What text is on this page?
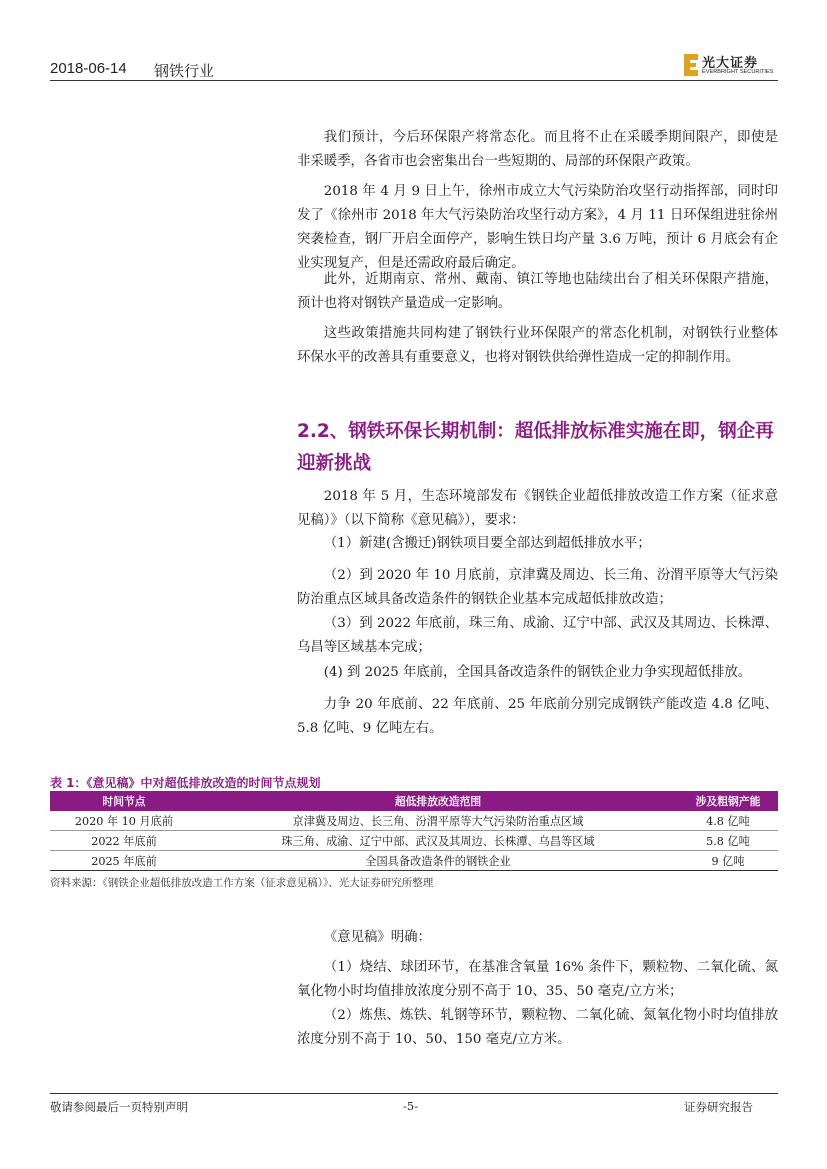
2018-06-14 钢铁行业	光大证券
EVERBRIGHT SECURITIES

我们预计，今后环保限产将常态化。而且将不止在采暖季期间限产，即使是非采暖季，各省市也会密集出台一些短期的、局部的环保限产政策。

2018 年 4 月 9 日上午，徐州市成立大气污染防治攻坚行动指挥部，同时印发了《徐州市 2018 年大气污染防治攻坚行动方案》，4 月 11 日环保组进驻徐州突袭检查，钢厂开启全面停产，影响生铁日均产量 3.6 万吨，预计 6 月底会有企业实现复产，但是还需政府最后确定。

此外，近期南京、常州、戴南、镇江等地也陆续出台了相关环保限产措施，预计也将对钢铁产量造成一定影响。

这些政策措施共同构建了钢铁行业环保限产的常态化机制，对钢铁行业整体环保水平的改善具有重要意义，也将对钢铁供给弹性造成一定的抑制作用。

2.2、钢铁环保长期机制：超低排放标准实施在即，钢企再迎新挑战

2018 年 5 月，生态环境部发布《钢铁企业超低排放改造工作方案（征求意见稿）》（以下简称《意见稿》），要求：

（1）新建(含搬迁)钢铁项目要全部达到超低排放水平；

（2）到 2020 年 10 月底前，京津冀及周边、长三角、汾渭平原等大气污染防治重点区域具备改造条件的钢铁企业基本完成超低排放改造；

（3）到 2022 年底前，珠三角、成渝、辽宁中部、武汉及其周边、长株潭、乌昌等区域基本完成；

(4) 到 2025 年底前，全国具备改造条件的钢铁企业力争实现超低排放。

力争 20 年底前、22 年底前、25 年底前分别完成钢铁产能改造 4.8 亿吨、5.8 亿吨、9 亿吨左右。

表 1：《意见稿》中对超低排放改造的时间节点规划
时间节点	超低排放改造范围	涉及粗钢产能
2020 年 10 月底前	京津冀及周边、长三角、汾渭平原等大气污染防治重点区域	4.8 亿吨
2022 年底前	珠三角、成渝、辽宁中部、武汉及其周边、长株潭、乌昌等区域	5.8 亿吨
2025 年底前	全国具备改造条件的钢铁企业	9 亿吨
资料来源：《钢铁企业超低排放改造工作方案（征求意见稿）》、光大证券研究所整理

《意见稿》明确：

（1）烧结、球团环节，在基准含氧量 16% 条件下，颗粒物、二氧化硫、氮氧化物小时均值排放浓度分别不高于 10、35、50 毫克/立方米；

（2）炼焦、炼铁、轧钢等环节，颗粒物、二氧化硫、氮氧化物小时均值排放浓度分别不高于 10、50、150 毫克/立方米。

敬请参阅最后一页特别声明	-5-	证券研究报告
